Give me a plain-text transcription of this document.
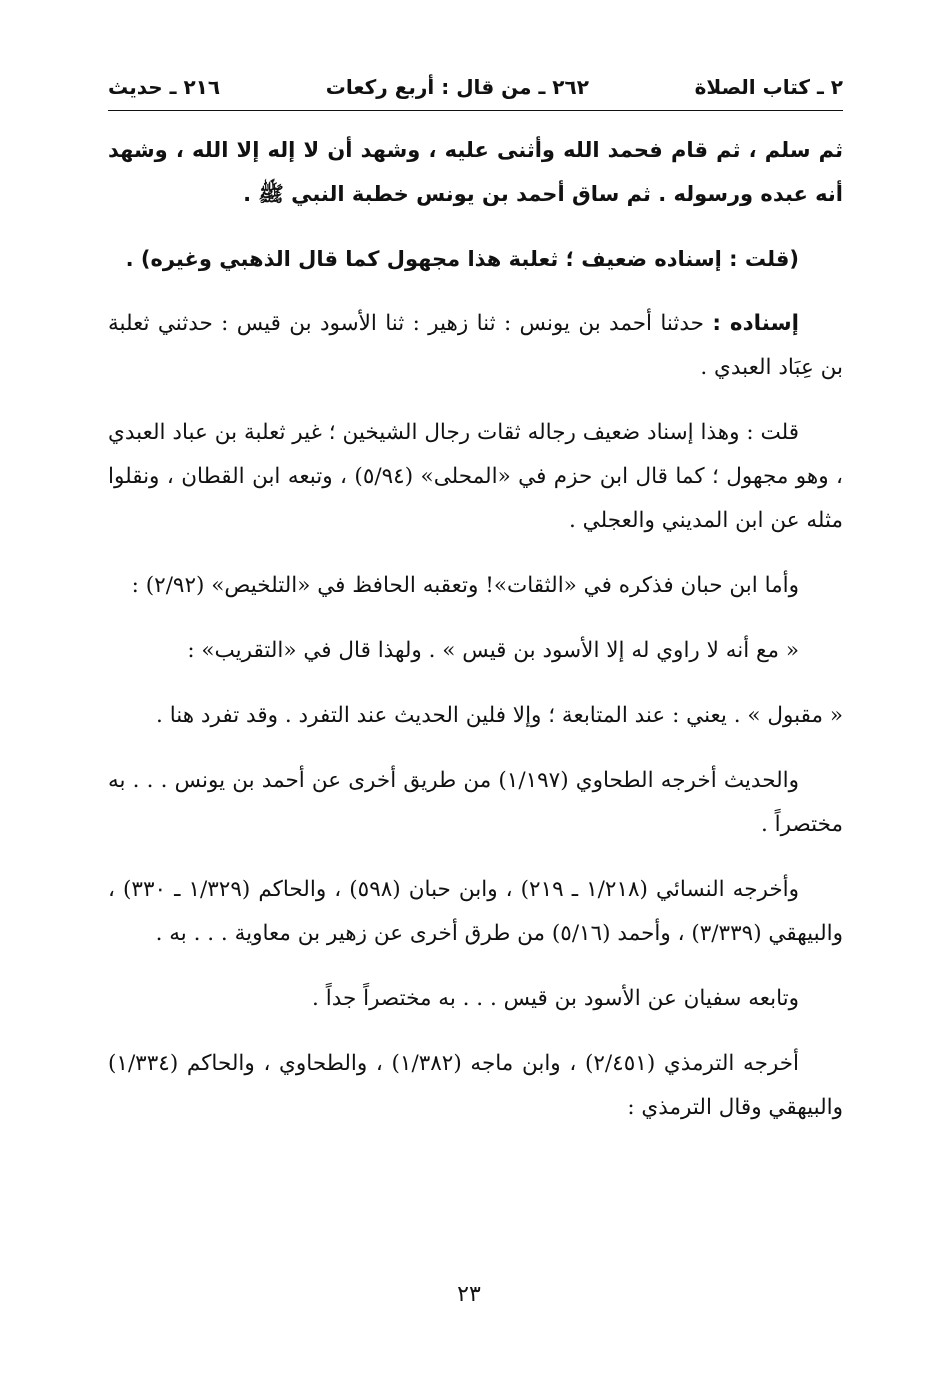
٢ ـ كتاب الصلاة
٢٦٢ ـ من قال : أربع ركعات
٢١٦ ـ حديث

ثم سلم ، ثم قام فحمد الله وأثنى عليه ، وشهد أن لا إله إلا الله ، وشهد أنه عبده ورسوله . ثم ساق أحمد بن يونس خطبة النبي ﷺ .

(قلت : إسناده ضعيف ؛ ثعلبة هذا مجهول كما قال الذهبي وغيره) .

إسناده : حدثنا أحمد بن يونس : ثنا زهير : ثنا الأسود بن قيس : حدثني ثعلبة بن عِبَاد العبدي .

قلت : وهذا إسناد ضعيف رجاله ثقات رجال الشيخين ؛ غير ثعلبة بن عباد العبدي ، وهو مجهول ؛ كما قال ابن حزم في «المحلى» (٥/٩٤) ، وتبعه ابن القطان ، ونقلوا مثله عن ابن المديني والعجلي .

وأما ابن حبان فذكره في «الثقات»! وتعقبه الحافظ في «التلخيص» (٢/٩٢) :

« مع أنه لا راوي له إلا الأسود بن قيس » . ولهذا قال في «التقريب» :

« مقبول » . يعني : عند المتابعة ؛ وإلا فلين الحديث عند التفرد . وقد تفرد هنا .

والحديث أخرجه الطحاوي (١/١٩٧) من طريق أخرى عن أحمد بن يونس . . . به مختصراً .

وأخرجه النسائي (١/٢١٨ ـ ٢١٩) ، وابن حبان (٥٩٨) ، والحاكم (١/٣٢٩ ـ ٣٣٠) ، والبيهقي (٣/٣٣٩) ، وأحمد (٥/١٦) من طرق أخرى عن زهير بن معاوية . . . به .

وتابعه سفيان عن الأسود بن قيس . . . به مختصراً جداً .

أخرجه الترمذي (٢/٤٥١) ، وابن ماجه (١/٣٨٢) ، والطحاوي ، والحاكم (١/٣٣٤) والبيهقي وقال الترمذي :

٢٣
